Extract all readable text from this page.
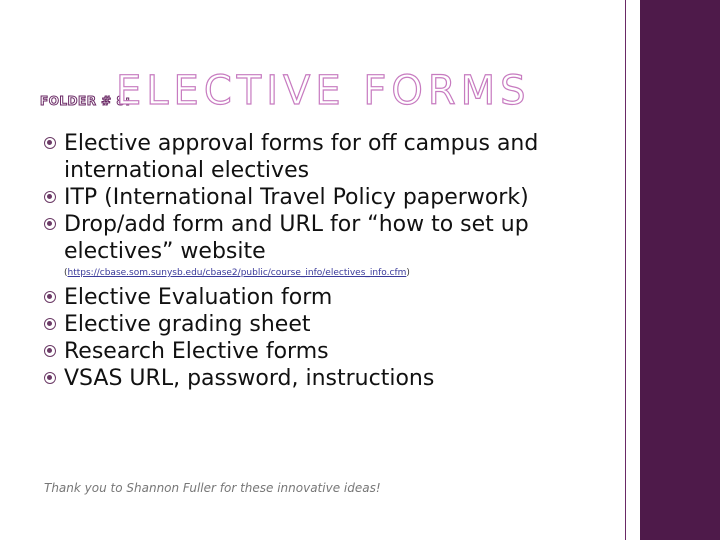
FOLDER # 8:
ELECTIVE FORMS
Elective approval forms for off campus and international electives
ITP (International Travel Policy paperwork)
Drop/add form and URL for “how to set up electives” website
(https://cbase.som.sunysb.edu/cbase2/public/course_info/electives_info.cfm)
Elective Evaluation form
Elective grading sheet
Research Elective forms
VSAS URL, password, instructions
Thank you to Shannon Fuller for these innovative ideas!
